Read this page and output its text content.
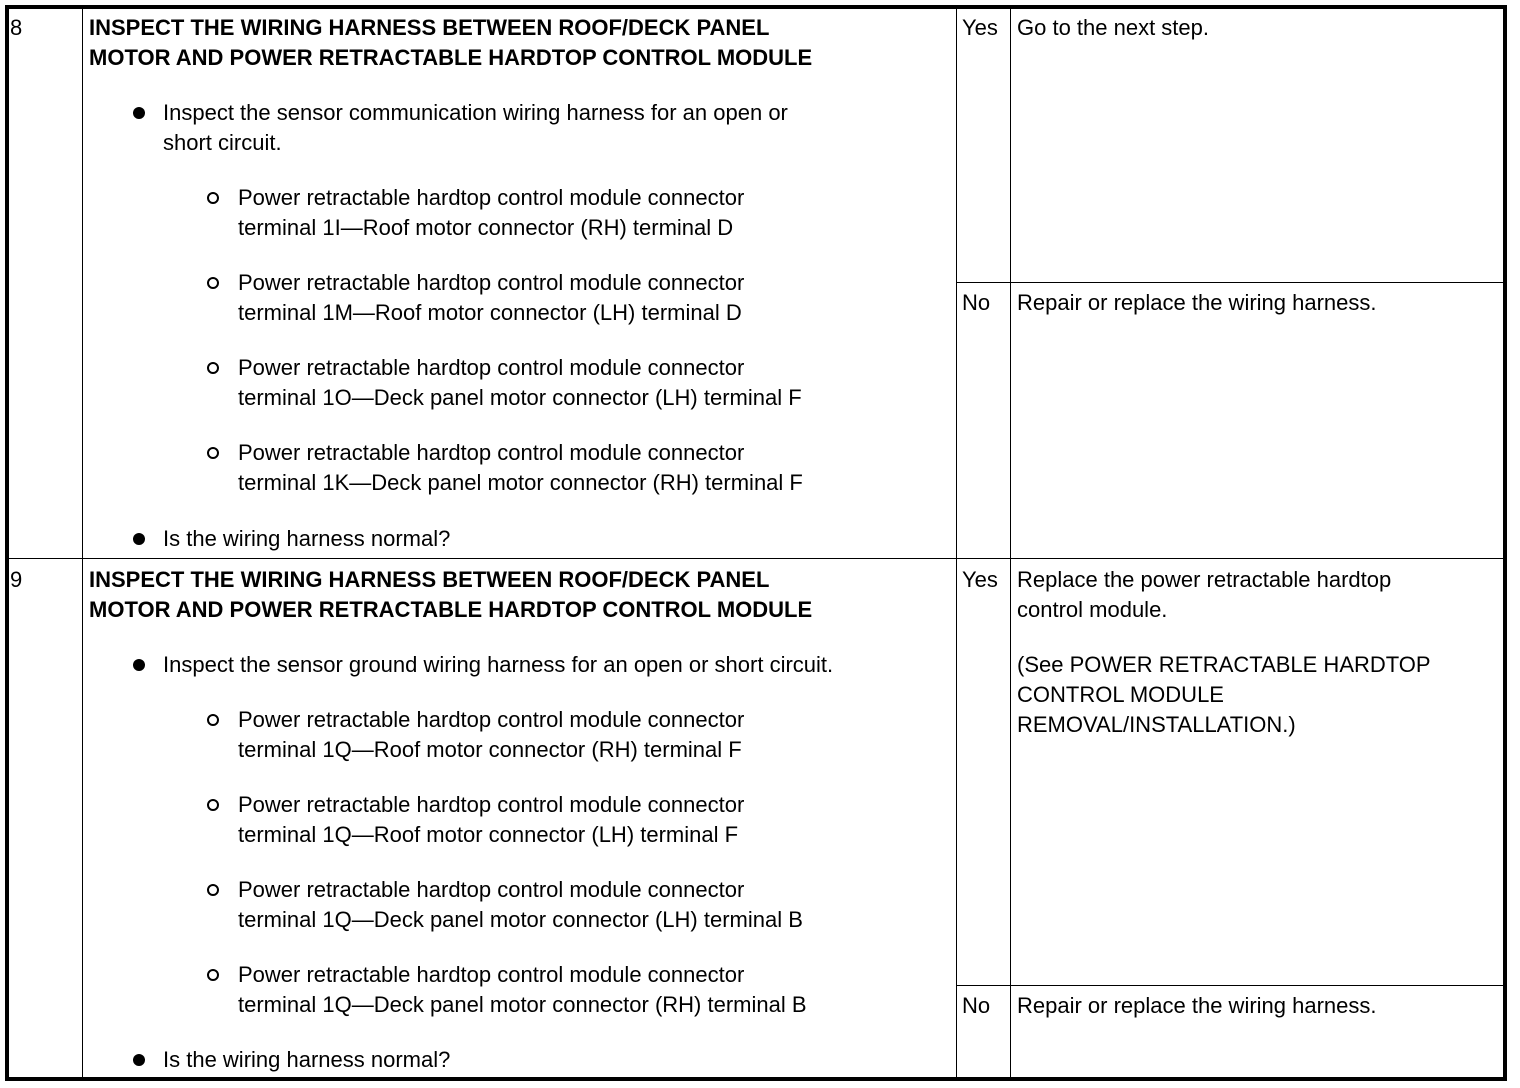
8	INSPECT THE WIRING HARNESS BETWEEN ROOF/DECK PANEL
MOTOR AND POWER RETRACTABLE HARDTOP CONTROL MODULE
Inspect the sensor communication wiring harness for an open or
short circuit.
Power retractable hardtop control module connector
terminal 1I—Roof motor connector (RH) terminal D
Power retractable hardtop control module connector
terminal 1M—Roof motor connector (LH) terminal D
Power retractable hardtop control module connector
terminal 1O—Deck panel motor connector (LH) terminal F
Power retractable hardtop control module connector
terminal 1K—Deck panel motor connector (RH) terminal F
Is the wiring harness normal?
Yes Go to the next step.
No Repair or replace the wiring harness.
9	INSPECT THE WIRING HARNESS BETWEEN ROOF/DECK PANEL
MOTOR AND POWER RETRACTABLE HARDTOP CONTROL MODULE
Inspect the sensor ground wiring harness for an open or short circuit.
Power retractable hardtop control module connector
terminal 1Q—Roof motor connector (RH) terminal F
Power retractable hardtop control module connector
terminal 1Q—Roof motor connector (LH) terminal F
Power retractable hardtop control module connector
terminal 1Q—Deck panel motor connector (LH) terminal B
Power retractable hardtop control module connector
terminal 1Q—Deck panel motor connector (RH) terminal B
Is the wiring harness normal?
Yes Replace the power retractable hardtop
control module.
(See POWER RETRACTABLE HARDTOP
CONTROL MODULE
REMOVAL/INSTALLATION.)
No Repair or replace the wiring harness.
